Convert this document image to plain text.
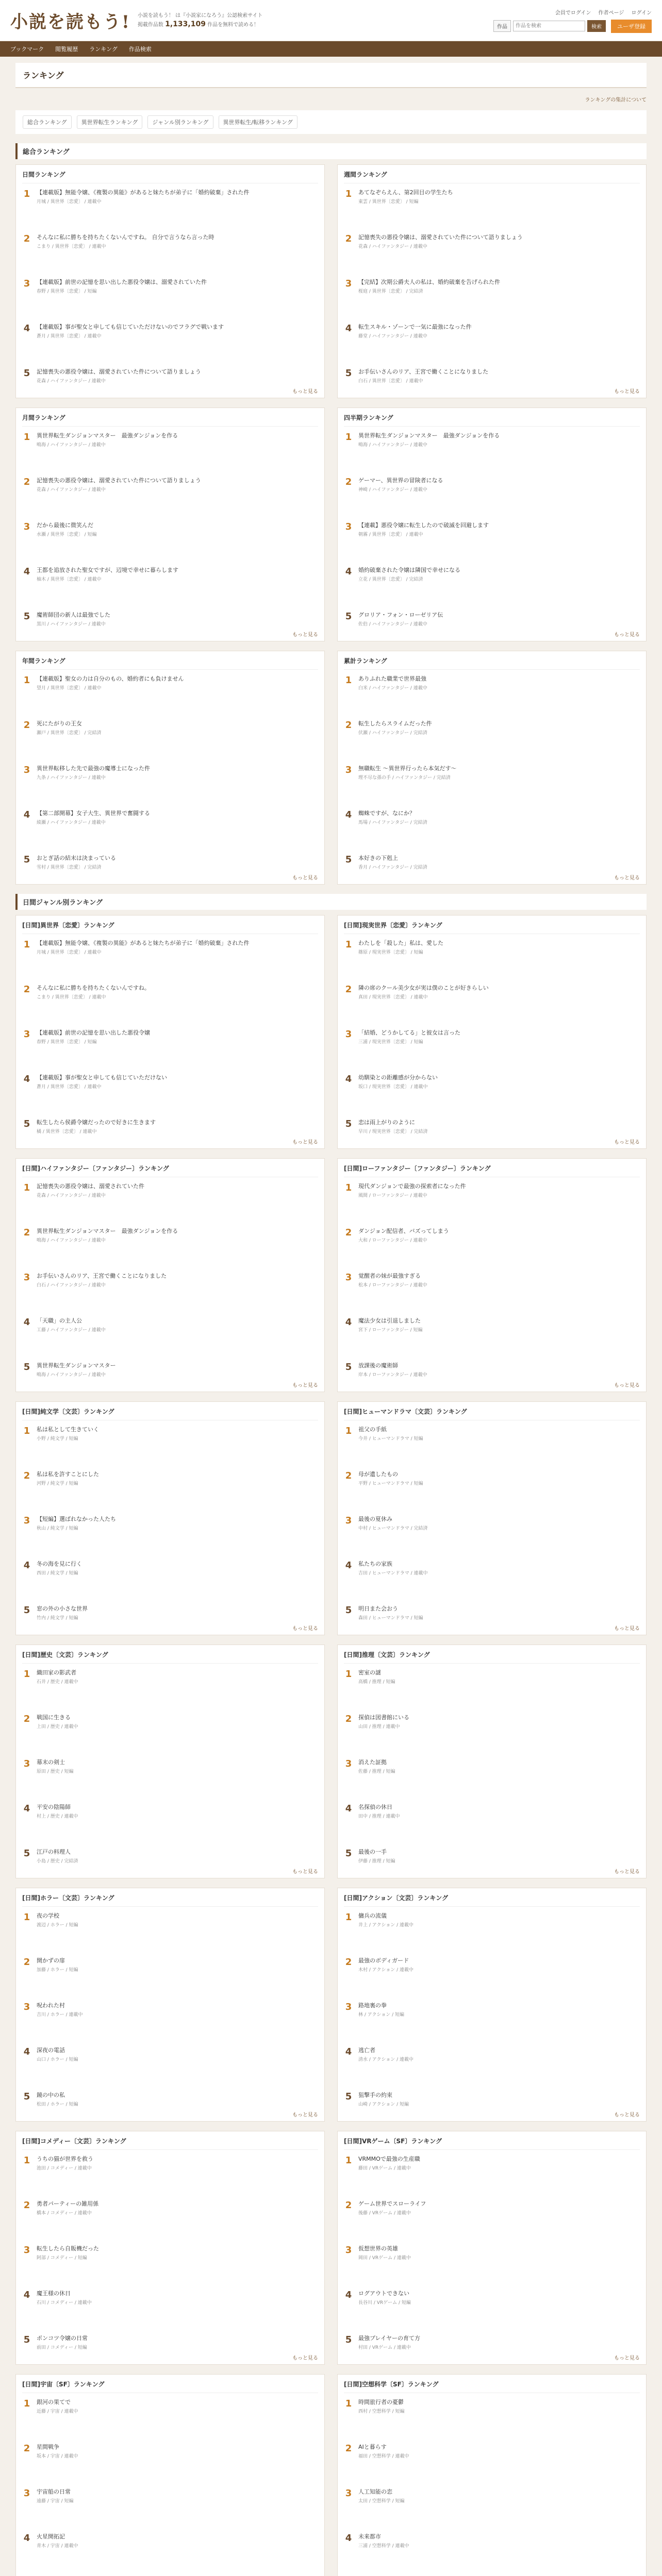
小説を読もう! 小説を読もう！ は『小説家になろう』公認検索サイト
掲載作品数 1,133,109 作品を無料で読める！
会員でログイン 作者ページ ログイン
作品
作品を検索	検索	ユーザ登録
ブックマーク 閲覧履歴 ランキング 作品検索
ランキング
ランキングの集計について
総合ランキング	異世界転生ランキング	ジャンル別ランキング	異世界転生/転移ランキング
総合ランキング
日間ランキング
1 【連載版】無能令嬢、《複製の異能》があると妹たちが弟子に「婚約破棄」された件
月城 / 異世界〔恋愛〕 / 連載中
2 そんなに私に勝ちを持ちたくないんですね。 自分で言うなら言った時
こまり / 異世界〔恋愛〕 / 連載中
3 【連載版】前世の記憶を思い出した悪役令嬢は、溺愛されていた件
春野 / 異世界〔恋愛〕 / 短編
4 【連載版】事が聖女と申しても信じていただけないのでフラグで戦います
蒼月 / 異世界〔恋愛〕 / 連載中
5 記憶喪失の悪役令嬢は、溺愛されていた件について語りましょう
花森 / ハイファンタジー / 連載中
もっと見る
週間ランキング
1 あてなぞらえん、第2回目の学生たち
東雲 / 異世界〔恋愛〕 / 短編
2 記憶喪失の悪役令嬢は、溺愛されていた件について語りましょう
花森 / ハイファンタジー / 連載中
3 【完結】次期公爵夫人の私は、婚約破棄を告げられた件
桜庭 / 異世界〔恋愛〕 / 完結済
4 転生スキル・ゾーンで一気に最強になった件
藤堂 / ハイファンタジー / 連載中
5 お手伝いさんのリア、王宮で働くことになりました
白石 / 異世界〔恋愛〕 / 連載中
もっと見る
月間ランキング
1 異世界転生ダンジョンマスター　最強ダンジョンを作る
鳴海 / ハイファンタジー / 連載中
2 記憶喪失の悪役令嬢は、溺愛されていた件について語りましょう
花森 / ハイファンタジー / 連載中
3 だから最後に微笑んだ
水瀬 / 異世界〔恋愛〕 / 短編
4 王都を追放された聖女ですが、辺境で幸せに暮らします
柚木 / 異世界〔恋愛〕 / 連載中
5 魔術師団の新人は最強でした
黒川 / ハイファンタジー / 連載中
もっと見る
四半期ランキング
1 異世界転生ダンジョンマスター　最強ダンジョンを作る
鳴海 / ハイファンタジー / 連載中
2 ゲーマー、異世界の冒険者になる
神崎 / ハイファンタジー / 連載中
3 【連載】悪役令嬢に転生したので破滅を回避します
朝霧 / 異世界〔恋愛〕 / 連載中
4 婚約破棄された令嬢は隣国で幸せになる
立花 / 異世界〔恋愛〕 / 完結済
5 グロリア・フォン・ローゼリア伝
佐伯 / ハイファンタジー / 連載中
もっと見る
年間ランキング
1 【連載版】聖女の力は自分のもの、婚約者にも負けません
望月 / 異世界〔恋愛〕 / 連載中
2 死にたがりの王女
瀬戸 / 異世界〔恋愛〕 / 完結済
3 異世界転移した先で最強の魔導士になった件
九条 / ハイファンタジー / 連載中
4 【第二部開幕】女子大生、異世界で奮闘する
綾瀬 / ハイファンタジー / 連載中
5 おとぎ話の結末は決まっている
雪村 / 異世界〔恋愛〕 / 完結済
もっと見る
累計ランキング
1 ありふれた職業で世界最強
白米 / ハイファンタジー / 連載中
2 転生したらスライムだった件
伏瀬 / ハイファンタジー / 完結済
3 無職転生 ～異世界行ったら本気だす～
理不尽な孫の手 / ハイファンタジー / 完結済
4 蜘蛛ですが、なにか？
馬場 / ハイファンタジー / 完結済
5 本好きの下剋上
香月 / ハイファンタジー / 完結済
もっと見る
日間ジャンル別ランキング
[日間]異世界〔恋愛〕ランキング
1 【連載版】無能令嬢、《複製の異能》があると妹たちが弟子に「婚約破棄」された件
月城 / 異世界〔恋愛〕 / 連載中
2 そんなに私に勝ちを持ちたくないんですね。
こまり / 異世界〔恋愛〕 / 連載中
3 【連載版】前世の記憶を思い出した悪役令嬢
春野 / 異世界〔恋愛〕 / 短編
4 【連載版】事が聖女と申しても信じていただけない
蒼月 / 異世界〔恋愛〕 / 連載中
5 転生したら侯爵令嬢だったので好きに生きます
橘 / 異世界〔恋愛〕 / 連載中
もっと見る
[日間]現実世界〔恋愛〕ランキング
1 わたしを「殺した」私は、愛した
篠原 / 現実世界〔恋愛〕 / 短編
2 隣の席のクール美少女が実は僕のことが好きらしい
真田 / 現実世界〔恋愛〕 / 連載中
3 「結婚、どうかしてる」と彼女は言った
三浦 / 現実世界〔恋愛〕 / 短編
4 幼馴染との距離感が分からない
坂口 / 現実世界〔恋愛〕 / 連載中
5 恋は雨上がりのように
早川 / 現実世界〔恋愛〕 / 完結済
もっと見る
[日間]ハイファンタジー〔ファンタジー〕ランキング
1 記憶喪失の悪役令嬢は、溺愛されていた件
花森 / ハイファンタジー / 連載中
2 異世界転生ダンジョンマスター　最強ダンジョンを作る
鳴海 / ハイファンタジー / 連載中
3 お手伝いさんのリア、王宮で働くことになりました
白石 / ハイファンタジー / 連載中
4 「天職」の主人公
工藤 / ハイファンタジー / 連載中
5 異世界転生ダンジョンマスター
鳴海 / ハイファンタジー / 連載中
もっと見る
[日間]ローファンタジー〔ファンタジー〕ランキング
1 現代ダンジョンで最強の探索者になった件
風間 / ローファンタジー / 連載中
2 ダンジョン配信者、バズってしまう
大和 / ローファンタジー / 連載中
3 覚醒者の妹が最強すぎる
松本 / ローファンタジー / 連載中
4 魔法少女は引退しました
宮下 / ローファンタジー / 短編
5 放課後の魔術師
岸本 / ローファンタジー / 連載中
もっと見る
[日間]純文学〔文芸〕ランキング
1 私は私として生きていく
小野 / 純文学 / 短編
2 私は私を許すことにした
河野 / 純文学 / 短編
3 【短編】選ばれなかった人たち
秋山 / 純文学 / 短編
4 冬の海を見に行く
西田 / 純文学 / 短編
5 窓の外の小さな世界
竹内 / 純文学 / 短編
もっと見る
[日間]ヒューマンドラマ〔文芸〕ランキング
1 祖父の手紙
今井 / ヒューマンドラマ / 短編
2 母が遺したもの
平野 / ヒューマンドラマ / 短編
3 最後の夏休み
中村 / ヒューマンドラマ / 完結済
4 私たちの家族
吉田 / ヒューマンドラマ / 連載中
5 明日また会おう
森田 / ヒューマンドラマ / 短編
もっと見る
[日間]歴史〔文芸〕ランキング
1 織田家の影武者
石井 / 歴史 / 連載中
2 戦国に生きる
上田 / 歴史 / 連載中
3 幕末の剣士
原田 / 歴史 / 短編
4 平安の陰陽師
村上 / 歴史 / 連載中
5 江戸の料理人
小島 / 歴史 / 完結済
もっと見る
[日間]推理〔文芸〕ランキング
1 密室の謎
高橋 / 推理 / 短編
2 探偵は図書館にいる
山田 / 推理 / 連載中
3 消えた証拠
佐藤 / 推理 / 短編
4 名探偵の休日
田中 / 推理 / 連載中
5 最後の一手
伊藤 / 推理 / 短編
もっと見る
[日間]ホラー〔文芸〕ランキング
1 夜の学校
渡辺 / ホラー / 短編
2 開かずの扉
加藤 / ホラー / 短編
3 呪われた村
吉川 / ホラー / 連載中
4 深夜の電話
山口 / ホラー / 短編
5 鏡の中の私
松田 / ホラー / 短編
もっと見る
[日間]アクション〔文芸〕ランキング
1 傭兵の流儀
井上 / アクション / 連載中
2 最強のボディガード
木村 / アクション / 連載中
3 路地裏の拳
林 / アクション / 短編
4 逃亡者
清水 / アクション / 連載中
5 狙撃手の約束
山崎 / アクション / 短編
もっと見る
[日間]コメディー〔文芸〕ランキング
1 うちの猫が世界を救う
池田 / コメディー / 連載中
2 勇者パーティーの雑用係
橋本 / コメディー / 連載中
3 転生したら自販機だった
阿部 / コメディー / 短編
4 魔王様の休日
石川 / コメディー / 連載中
5 ポンコツ令嬢の日常
前田 / コメディー / 短編
もっと見る
[日間]VRゲーム〔SF〕ランキング
1 VRMMOで最強の生産職
藤田 / VRゲーム / 連載中
2 ゲーム世界でスローライフ
後藤 / VRゲーム / 連載中
3 仮想世界の英雄
岡田 / VRゲーム / 連載中
4 ログアウトできない
長谷川 / VRゲーム / 短編
5 最強プレイヤーの育て方
村田 / VRゲーム / 連載中
もっと見る
[日間]宇宙〔SF〕ランキング
1 銀河の果てで
近藤 / 宇宙 / 連載中
2 星間戦争
坂本 / 宇宙 / 連載中
3 宇宙船の日常
遠藤 / 宇宙 / 短編
4 火星開拓記
青木 / 宇宙 / 連載中
[日間]空想科学〔SF〕ランキング
1 時間旅行者の憂鬱
西村 / 空想科学 / 短編
2 AIと暮らす
福田 / 空想科学 / 連載中
3 人工知能の恋
太田 / 空想科学 / 短編
4 未来都市
三浦 / 空想科学 / 連載中
